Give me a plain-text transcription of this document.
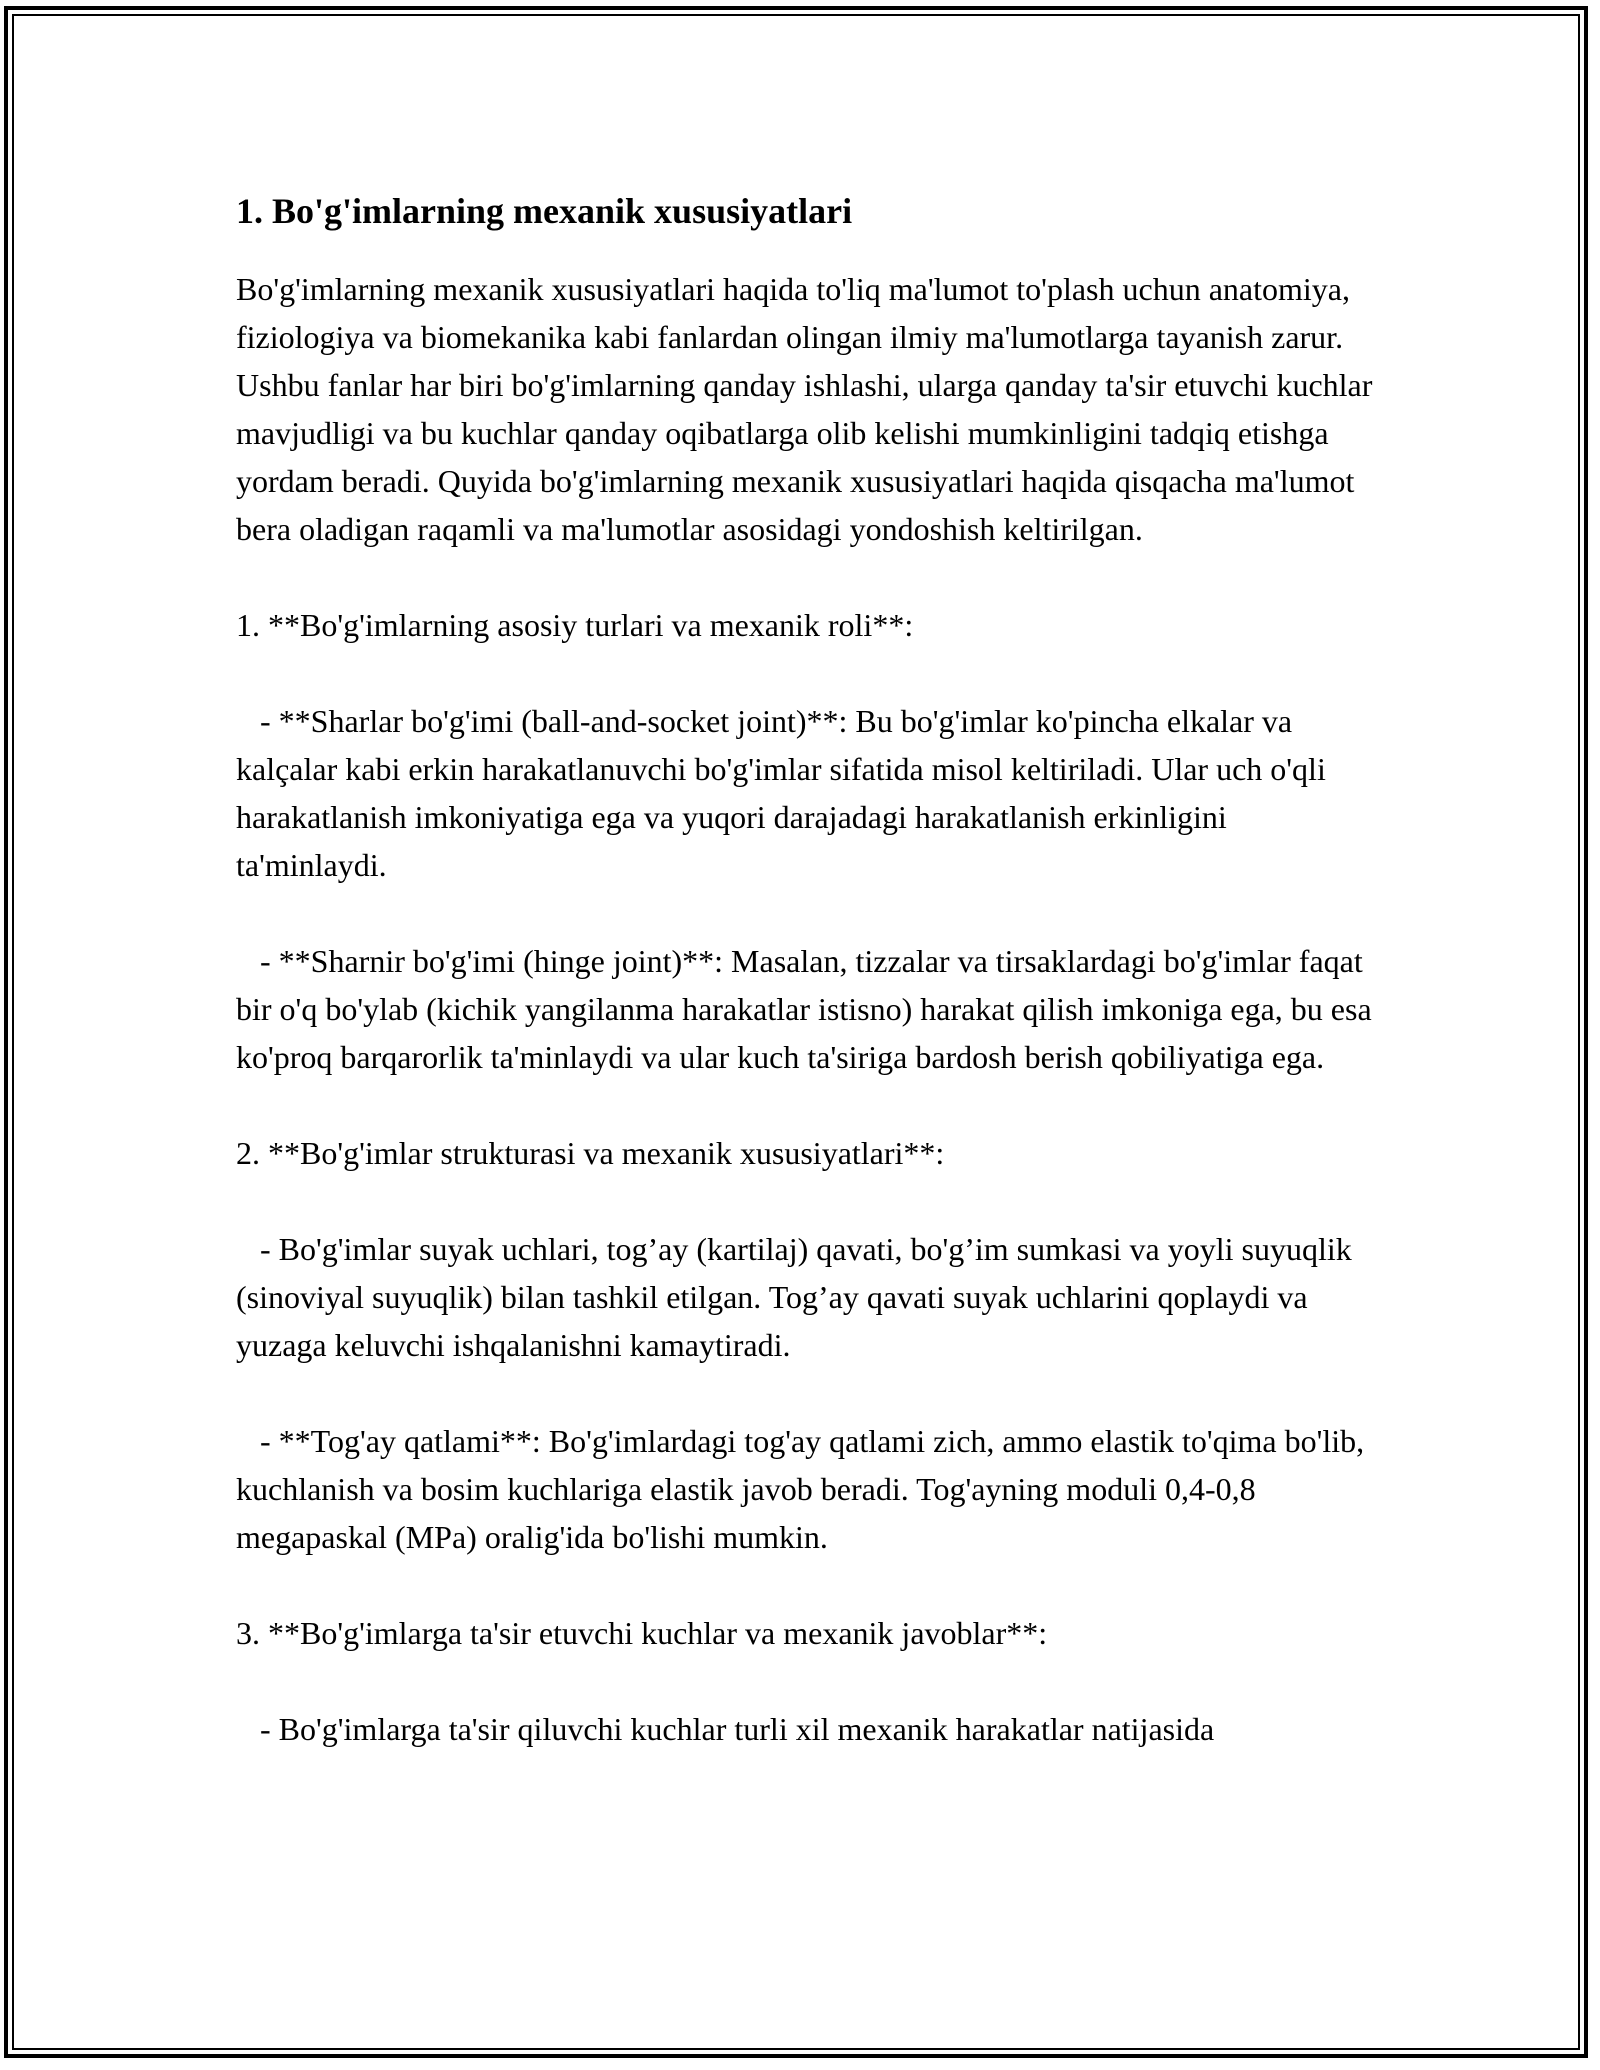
1. Bo'g'imlarning mexanik xususiyatlari

Bo'g'imlarning mexanik xususiyatlari haqida to'liq ma'lumot to'plash uchun anatomiya, fiziologiya va biomekanika kabi fanlardan olingan ilmiy ma'lumotlarga tayanish zarur. Ushbu fanlar har biri bo'g'imlarning qanday ishlashi, ularga qanday ta'sir etuvchi kuchlar mavjudligi va bu kuchlar qanday oqibatlarga olib kelishi mumkinligini tadqiq etishga yordam beradi. Quyida bo'g'imlarning mexanik xususiyatlari haqida qisqacha ma'lumot bera oladigan raqamli va ma'lumotlar asosidagi yondoshish keltirilgan.

1. **Bo'g'imlarning asosiy turlari va mexanik roli**:

- **Sharlar bo'g'imi (ball-and-socket joint)**: Bu bo'g'imlar ko'pincha elkalar va kalçalar kabi erkin harakatlanuvchi bo'g'imlar sifatida misol keltiriladi. Ular uch o'qli harakatlanish imkoniyatiga ega va yuqori darajadagi harakatlanish erkinligini ta'minlaydi.

- **Sharnir bo'g'imi (hinge joint)**: Masalan, tizzalar va tirsaklardagi bo'g'imlar faqat bir o'q bo'ylab (kichik yangilanma harakatlar istisno) harakat qilish imkoniga ega, bu esa ko'proq barqarorlik ta'minlaydi va ular kuch ta'siriga bardosh berish qobiliyatiga ega.

2. **Bo'g'imlar strukturasi va mexanik xususiyatlari**:

- Bo'g'imlar suyak uchlari, tog’ay (kartilaj) qavati, bo'g’im sumkasi va yoyli suyuqlik (sinoviyal suyuqlik) bilan tashkil etilgan. Tog’ay qavati suyak uchlarini qoplaydi va yuzaga keluvchi ishqalanishni kamaytiradi.

- **Tog'ay qatlami**: Bo'g'imlardagi tog'ay qatlami zich, ammo elastik to'qima bo'lib, kuchlanish va bosim kuchlariga elastik javob beradi. Tog'ayning moduli 0,4-0,8 megapaskal (MPa) oralig'ida bo'lishi mumkin.

3. **Bo'g'imlarga ta'sir etuvchi kuchlar va mexanik javoblar**:

- Bo'g'imlarga ta'sir qiluvchi kuchlar turli xil mexanik harakatlar natijasida
